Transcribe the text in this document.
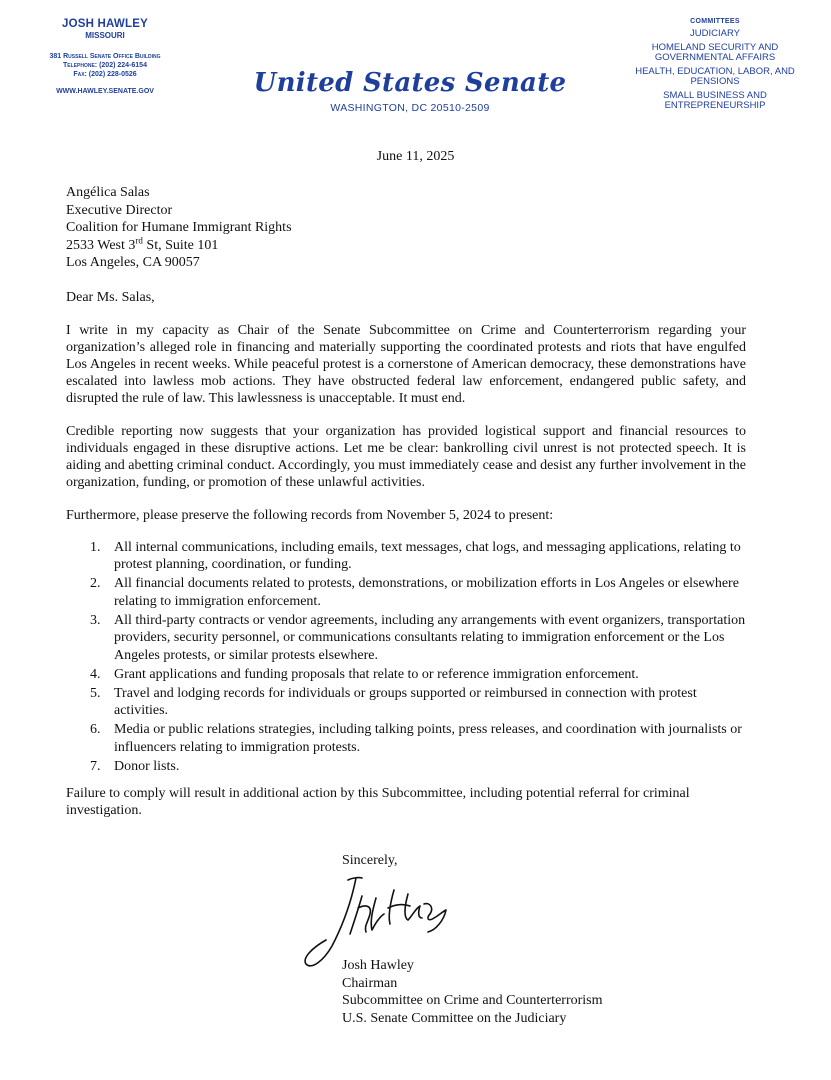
JOSH HAWLEY
MISSOURI
381 Russell Senate Office Building
Telephone: (202) 224-6154
Fax: (202) 228-0526
WWW.HAWLEY.SENATE.GOV	United States Senate
WASHINGTON, DC 20510-2509
COMMITTEES
JUDICIARY
HOMELAND SECURITY AND GOVERNMENTAL AFFAIRS
HEALTH, EDUCATION, LABOR, AND PENSIONS
SMALL BUSINESS AND ENTREPRENEURSHIP
June 11, 2025
Angélica Salas
Executive Director
Coalition for Humane Immigrant Rights
2533 West 3rd St, Suite 101
Los Angeles, CA 90057

Dear Ms. Salas,

I write in my capacity as Chair of the Senate Subcommittee on Crime and Counterterrorism regarding your organization’s alleged role in financing and materially supporting the coordinated protests and riots that have engulfed Los Angeles in recent weeks. While peaceful protest is a cornerstone of American democracy, these demonstrations have escalated into lawless mob actions. They have obstructed federal law enforcement, endangered public safety, and disrupted the rule of law. This lawlessness is unacceptable. It must end.

Credible reporting now suggests that your organization has provided logistical support and financial resources to individuals engaged in these disruptive actions. Let me be clear: bankrolling civil unrest is not protected speech. It is aiding and abetting criminal conduct. Accordingly, you must immediately cease and desist any further involvement in the organization, funding, or promotion of these unlawful activities.

Furthermore, please preserve the following records from November 5, 2024 to present:

1. All internal communications, including emails, text messages, chat logs, and messaging applications, relating to protest planning, coordination, or funding.
2. All financial documents related to protests, demonstrations, or mobilization efforts in Los Angeles or elsewhere relating to immigration enforcement.
3. All third-party contracts or vendor agreements, including any arrangements with event organizers, transportation providers, security personnel, or communications consultants relating to immigration enforcement or the Los Angeles protests, or similar protests elsewhere.
4. Grant applications and funding proposals that relate to or reference immigration enforcement.
5. Travel and lodging records for individuals or groups supported or reimbursed in connection with protest activities.
6. Media or public relations strategies, including talking points, press releases, and coordination with journalists or influencers relating to immigration protests.
7. Donor lists.

Failure to comply will result in additional action by this Subcommittee, including potential referral for criminal investigation.

Sincerely,
Josh Hawley
Chairman
Subcommittee on Crime and Counterterrorism
U.S. Senate Committee on the Judiciary
